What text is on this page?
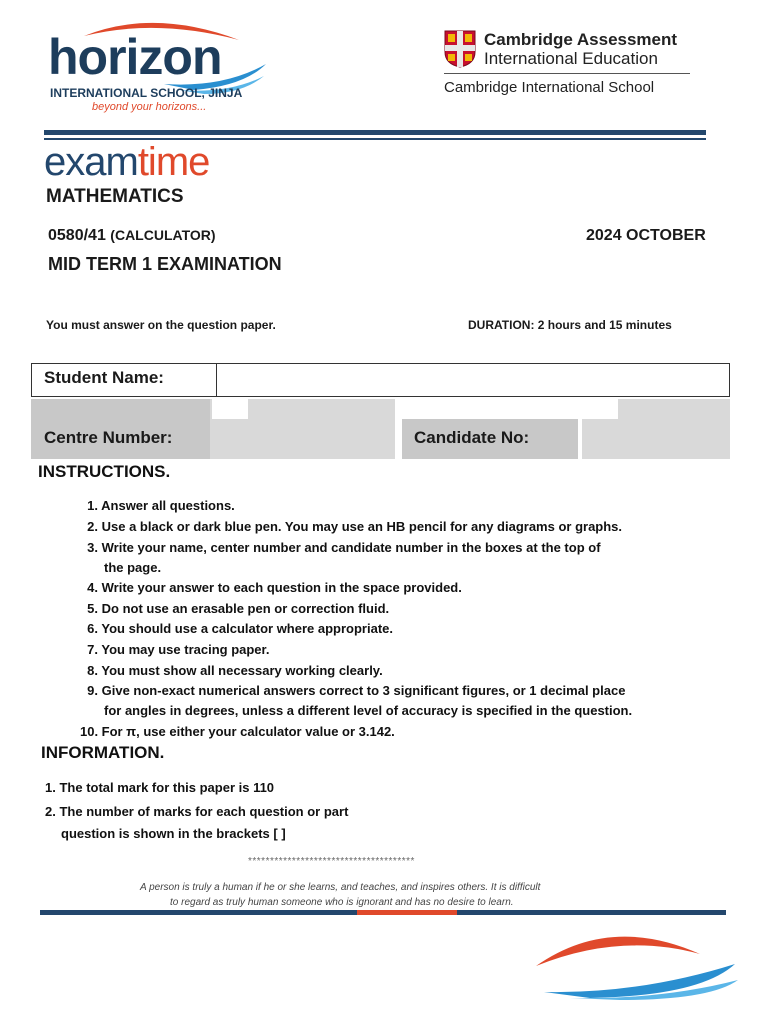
horizon
INTERNATIONAL SCHOOL, JINJA
beyond your horizons...
Cambridge Assessment
International Education
Cambridge International School
examtime
MATHEMATICS
0580/41 (CALCULATOR)	2024 OCTOBER
MID TERM 1 EXAMINATION
You must answer on the question paper.	DURATION: 2 hours and 15 minutes
Student Name:
Centre Number:	Candidate No:
INSTRUCTIONS.
1. Answer all questions.
2. Use a black or dark blue pen. You may use an HB pencil for any diagrams or graphs.
3. Write your name, center number and candidate number in the boxes at the top of
the page.
4. Write your answer to each question in the space provided.
5. Do not use an erasable pen or correction fluid.
6. You should use a calculator where appropriate.
7. You may use tracing paper.
8. You must show all necessary working clearly.
9. Give non-exact numerical answers correct to 3 significant figures, or 1 decimal place
for angles in degrees, unless a different level of accuracy is specified in the question.
10. For π, use either your calculator value or 3.142.
INFORMATION.
1. The total mark for this paper is 110
2. The number of marks for each question or part
question is shown in the brackets [ ]
**************************************
A person is truly a human if he or she learns, and teaches, and inspires others. It is difficult
to regard as truly human someone who is ignorant and has no desire to learn.
